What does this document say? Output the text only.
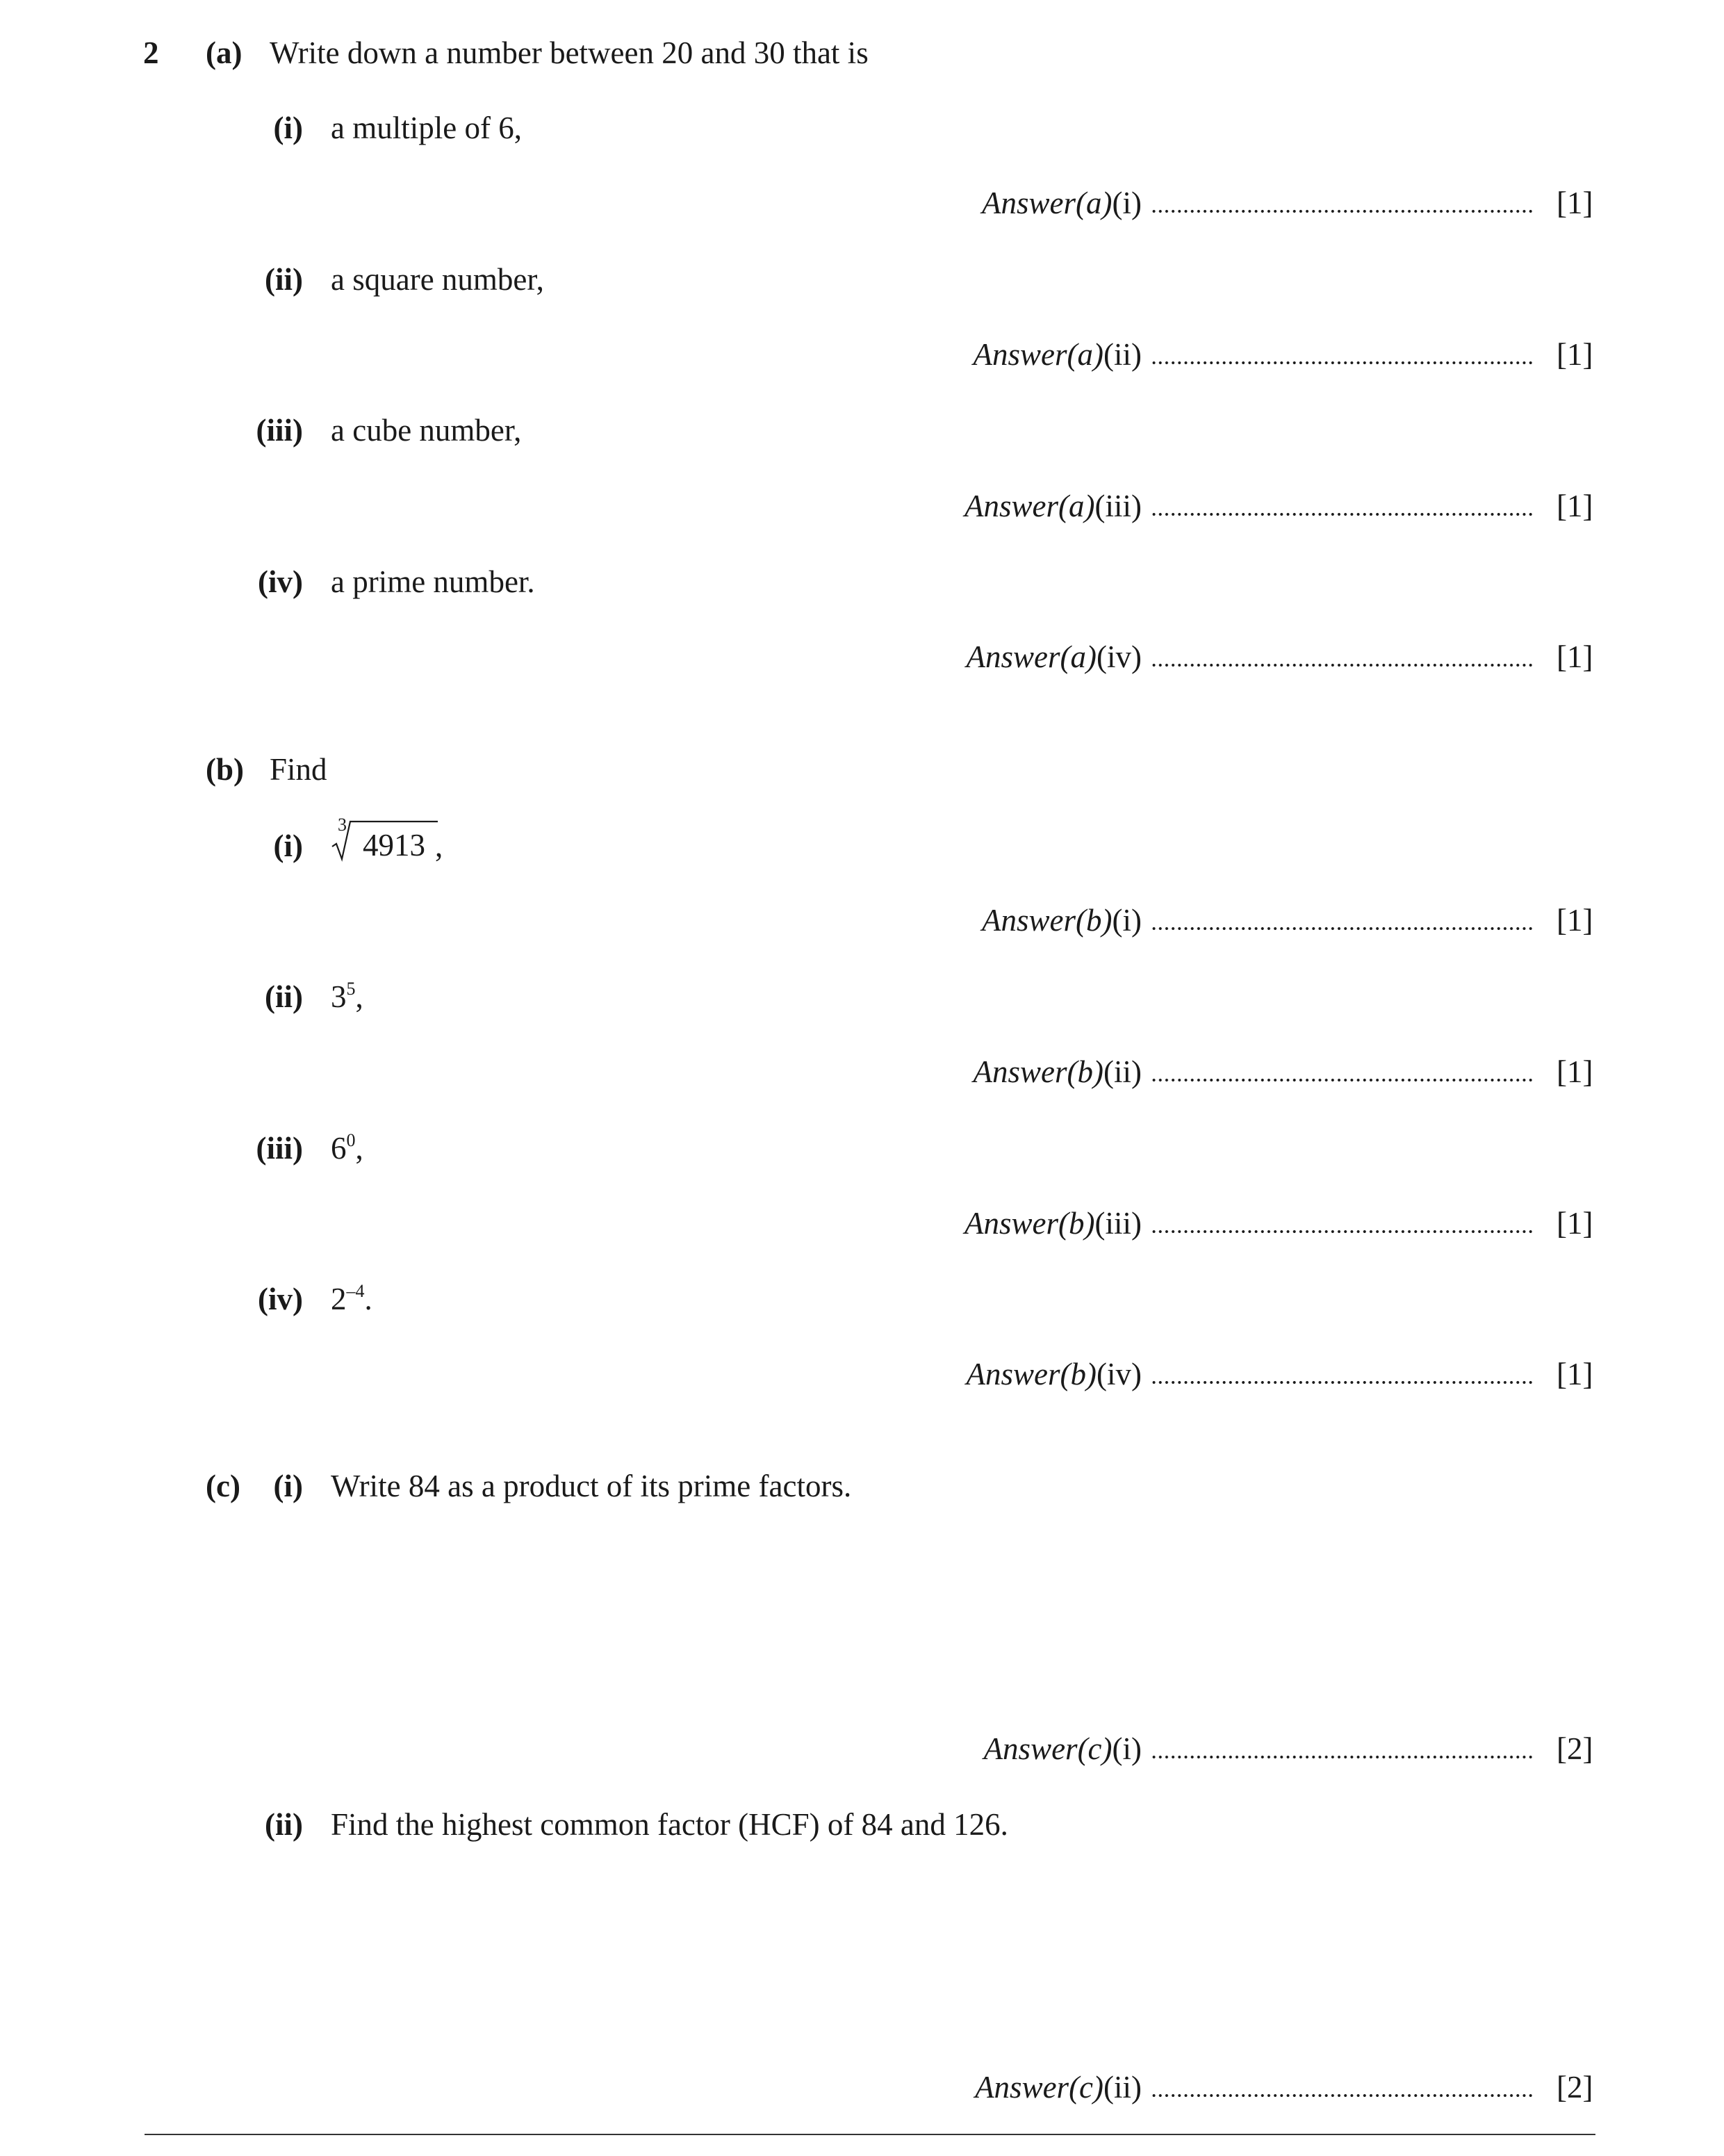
2 (a) Write down a number between 20 and 30 that is
(i) a multiple of 6,
Answer(a)(i)	[1]
(ii) a square number,
Answer(a)(ii)	[1]
(iii) a cube number,
Answer(a)(iii)	[1]
(iv) a prime number.
Answer(a)(iv)	[1]
(b) Find
(i)
3
4913 ,
Answer(b)(i)	[1]
(ii) $3^5$,
Answer(b)(ii)	[1]
(iii) $6^0$,
Answer(b)(iii)	[1]
(iv) $2^{-4}$.
Answer(b)(iv)	[1]
(c)	(i) Write 84 as a product of its prime factors.
Answer(c)(i)	[2]
(ii) Find the highest common factor (HCF) of 84 and 126.
Answer(c)(ii)	[2]
